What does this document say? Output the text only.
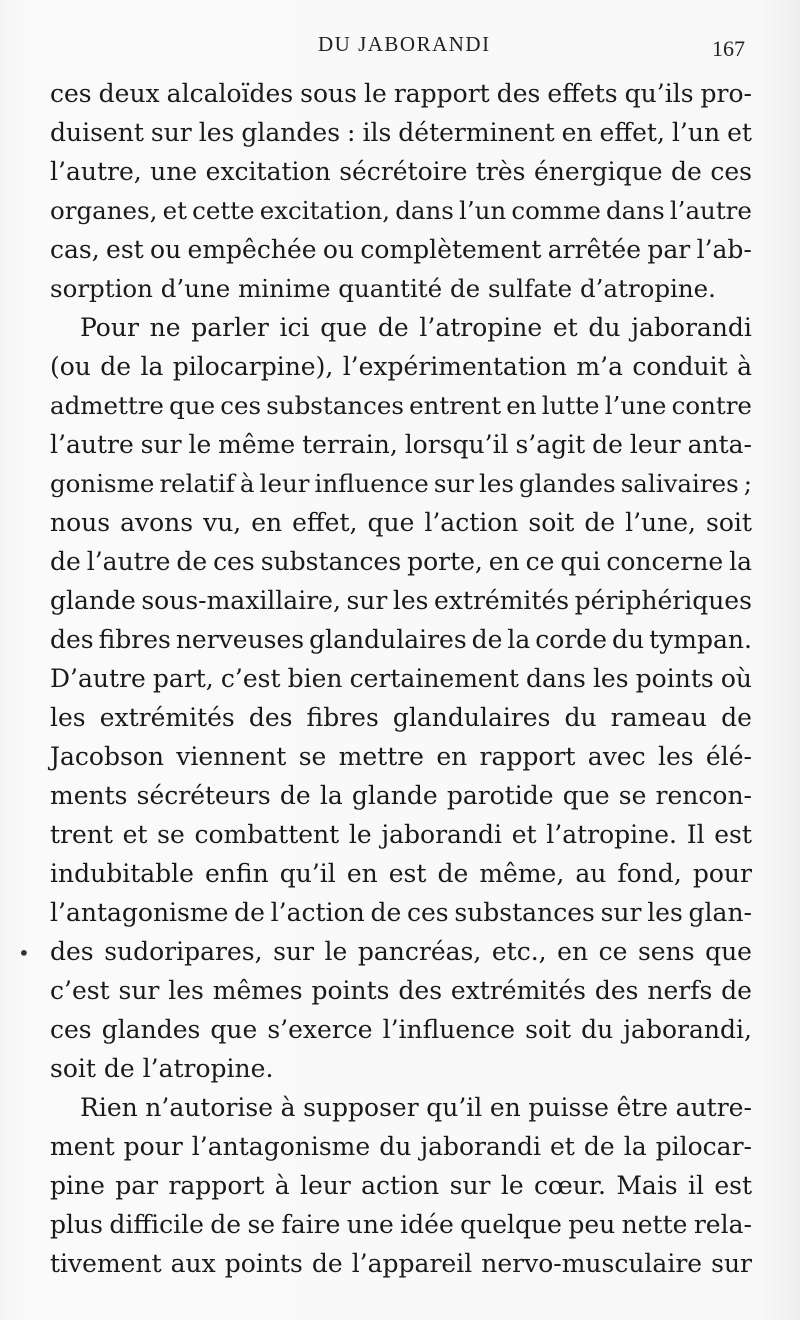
DU JABORANDI	167
•
ces deux alcaloïdes sous le rapport des effets qu’ils pro-
duisent sur les glandes : ils déterminent en effet, l’un et
l’autre, une excitation sécrétoire très énergique de ces
organes, et cette excitation, dans l’un comme dans l’autre
cas, est ou empêchée ou complètement arrêtée par l’ab-
sorption d’une minime quantité de sulfate d’atropine.
Pour ne parler ici que de l’atropine et du jaborandi
(ou de la pilocarpine), l’expérimentation m’a conduit à
admettre que ces substances entrent en lutte l’une contre
l’autre sur le même terrain, lorsqu’il s’agit de leur anta-
gonisme relatif à leur influence sur les glandes salivaires ;
nous avons vu, en effet, que l’action soit de l’une, soit
de l’autre de ces substances porte, en ce qui concerne la
glande sous-maxillaire, sur les extrémités périphériques
des fibres nerveuses glandulaires de la corde du tympan.
D’autre part, c’est bien certainement dans les points où
les extrémités des fibres glandulaires du rameau de
Jacobson viennent se mettre en rapport avec les élé-
ments sécréteurs de la glande parotide que se rencon-
trent et se combattent le jaborandi et l’atropine. Il est
indubitable enfin qu’il en est de même, au fond, pour
l’antagonisme de l’action de ces substances sur les glan-
des sudoripares, sur le pancréas, etc., en ce sens que
c’est sur les mêmes points des extrémités des nerfs de
ces glandes que s’exerce l’influence soit du jaborandi,
soit de l’atropine.
Rien n’autorise à supposer qu’il en puisse être autre-
ment pour l’antagonisme du jaborandi et de la pilocar-
pine par rapport à leur action sur le cœur. Mais il est
plus difficile de se faire une idée quelque peu nette rela-
tivement aux points de l’appareil nervo-musculaire sur
